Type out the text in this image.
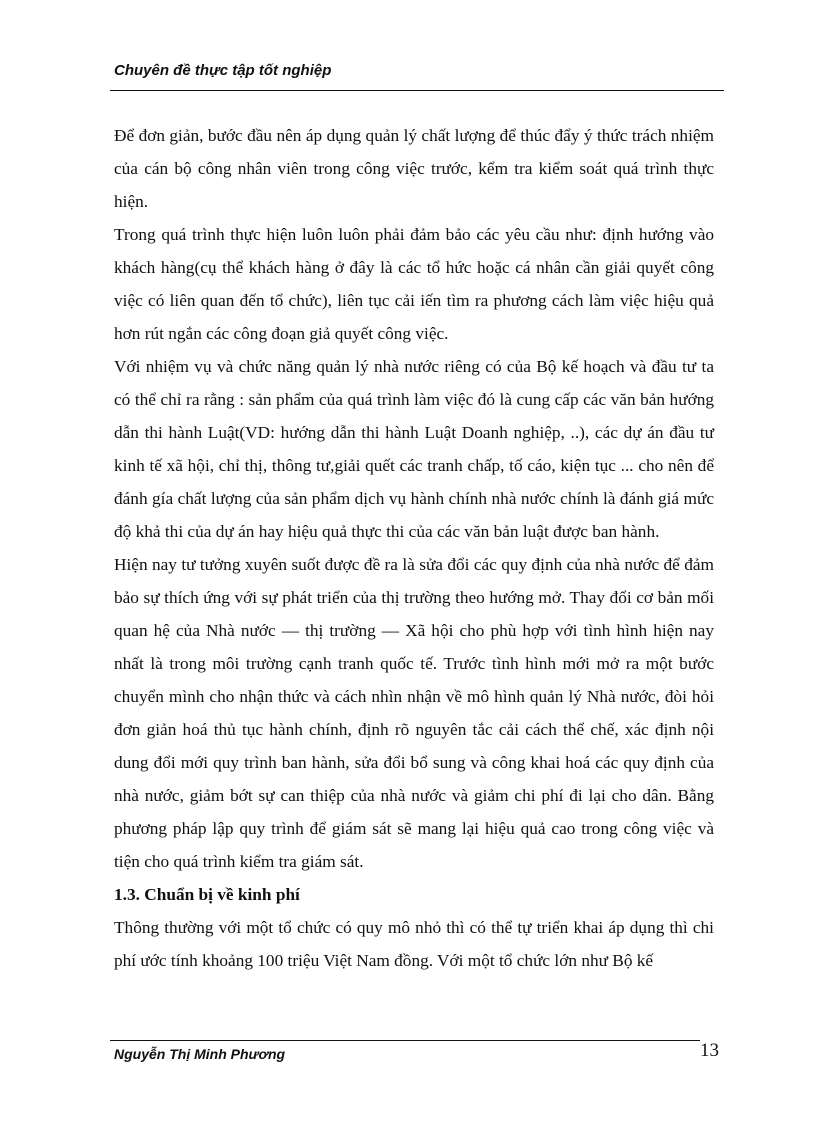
Chuyên đề thực tập tốt nghiệp

Để đơn giản, bước đầu nên áp dụng quản lý chất lượng để thúc đẩy ý thức trách nhiệm của cán bộ công nhân viên trong công việc trước, kểm tra kiểm soát quá trình thực hiện.

Trong quá trình thực hiện luôn luôn phải đảm bảo các yêu cầu như: định hướng vào khách hàng(cụ thể khách hàng ở đây là các tổ hức hoặc cá nhân cần giải quyết công việc có liên quan đến tổ chức), liên tục cải iến tìm ra phương cách làm việc hiệu quả hơn rút ngắn các công đoạn giả quyết công việc.

Với nhiệm vụ và chức năng quản lý nhà nước riêng có của Bộ kế hoạch và đầu tư ta có thể chỉ ra rằng : sản phẩm của quá trình làm việc đó là cung cấp các văn bản hướng dẫn thi hành Luật(VD: hướng dẫn thi hành Luật Doanh nghiệp, ..), các dự án đầu tư kinh tế xã hội, chỉ thị, thông tư,giải quết các tranh chấp, tố cáo, kiện tục ... cho nên để đánh gía chất lượng của sản phẩm dịch vụ hành chính nhà nước chính là đánh giá mức độ khả thi của dự án hay hiệu quả thực thi của các văn bản luật được ban hành.

Hiện nay tư tưởng xuyên suốt được đề ra là sửa đổi các quy định của nhà nước để đảm bảo sự thích ứng với sự phát triển của thị trường theo hướng mở. Thay đổi cơ bản mối quan hệ của Nhà nước — thị trường — Xã hội cho phù hợp với tình hình hiện nay nhất là trong môi trường cạnh tranh quốc tế. Trước tình hình mới mở ra một bước chuyển mình cho nhận thức và cách nhìn nhận về mô hình quản lý Nhà nước, đòi hỏi đơn giản hoá thủ tục hành chính, định rõ nguyên tắc cải cách thể chế, xác định nội dung đổi mới quy trình ban hành, sửa đổi bổ sung và công khai hoá các quy định của nhà nước, giảm bớt sự can thiệp của nhà nước và giảm chi phí đi lại cho dân. Bằng phương pháp lập quy trình để giám sát sẽ mang lại hiệu quả cao trong công việc và tiện cho quá trình kiểm tra giám sát.

1.3. Chuẩn bị về kinh phí

Thông thường với một tổ chức có quy mô nhỏ thì có thể tự triển khai áp dụng thì chi phí ước tính khoảng 100 triệu Việt Nam đồng. Với một tổ chức lớn như Bộ kế

Nguyễn Thị Minh Phương	13
